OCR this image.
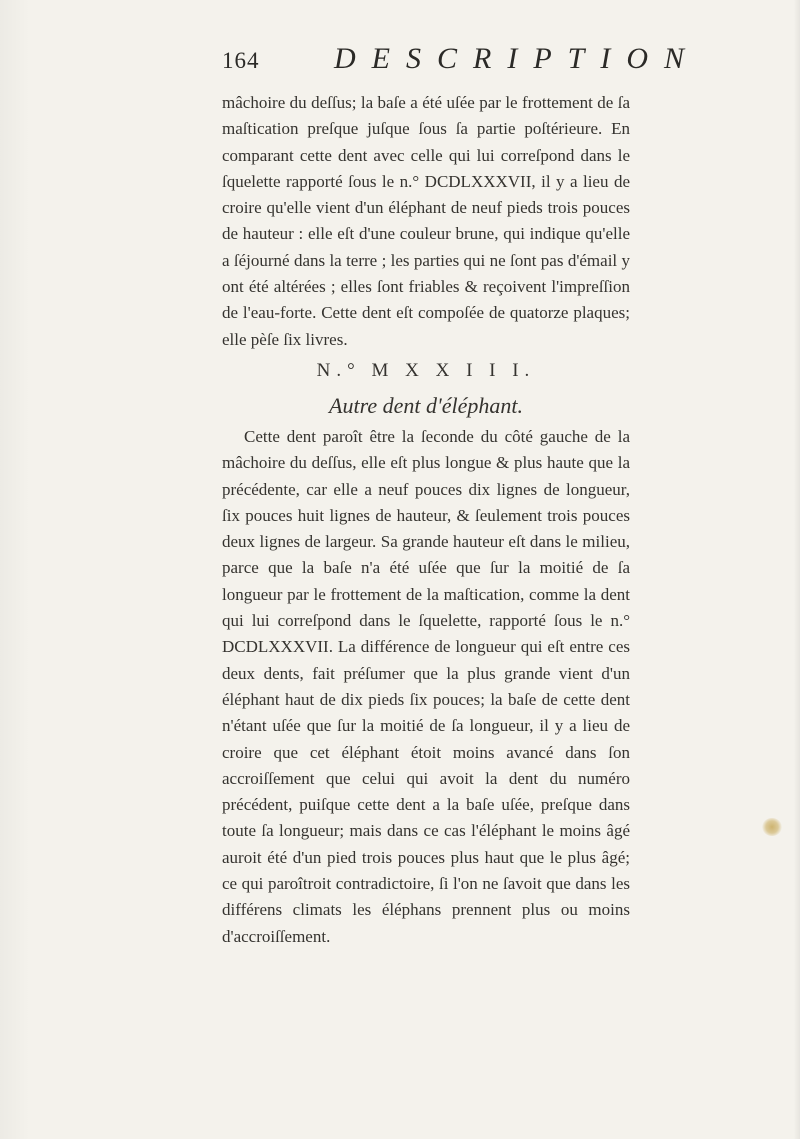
164 DESCRIPTION

mâchoire du deſſus; la baſe a été uſée par le frottement de ſa maſtication preſque juſque ſous ſa partie poſtérieure. En comparant cette dent avec celle qui lui correſpond dans le ſquelette rapporté ſous le n.° DCDLXXXVII, il y a lieu de croire qu'elle vient d'un éléphant de neuf pieds trois pouces de hauteur : elle eſt d'une couleur brune, qui indique qu'elle a ſéjourné dans la terre ; les parties qui ne ſont pas d'émail y ont été altérées ; elles ſont friables & reçoivent l'impreſſion de l'eau-forte. Cette dent eſt compoſée de quatorze plaques; elle pèſe ſix livres.

N.° M X X I I I.
Autre dent d'éléphant.

Cette dent paroît être la ſeconde du côté gauche de la mâchoire du deſſus, elle eſt plus longue & plus haute que la précédente, car elle a neuf pouces dix lignes de longueur, ſix pouces huit lignes de hauteur, & ſeulement trois pouces deux lignes de largeur. Sa grande hauteur eſt dans le milieu, parce que la baſe n'a été uſée que ſur la moitié de ſa longueur par le frottement de la maſtication, comme la dent qui lui correſpond dans le ſquelette, rapporté ſous le n.° DCDLXXXVII. La différence de longueur qui eſt entre ces deux dents, fait préſumer que la plus grande vient d'un éléphant haut de dix pieds ſix pouces; la baſe de cette dent n'étant uſée que ſur la moitié de ſa longueur, il y a lieu de croire que cet éléphant étoit moins avancé dans ſon accroiſſement que celui qui avoit la dent du numéro précédent, puiſque cette dent a la baſe uſée, preſque dans toute ſa longueur; mais dans ce cas l'éléphant le moins âgé auroit été d'un pied trois pouces plus haut que le plus âgé; ce qui paroîtroit contradictoire, ſi l'on ne ſavoit que dans les différens climats les éléphans prennent plus ou moins d'accroiſſement.
